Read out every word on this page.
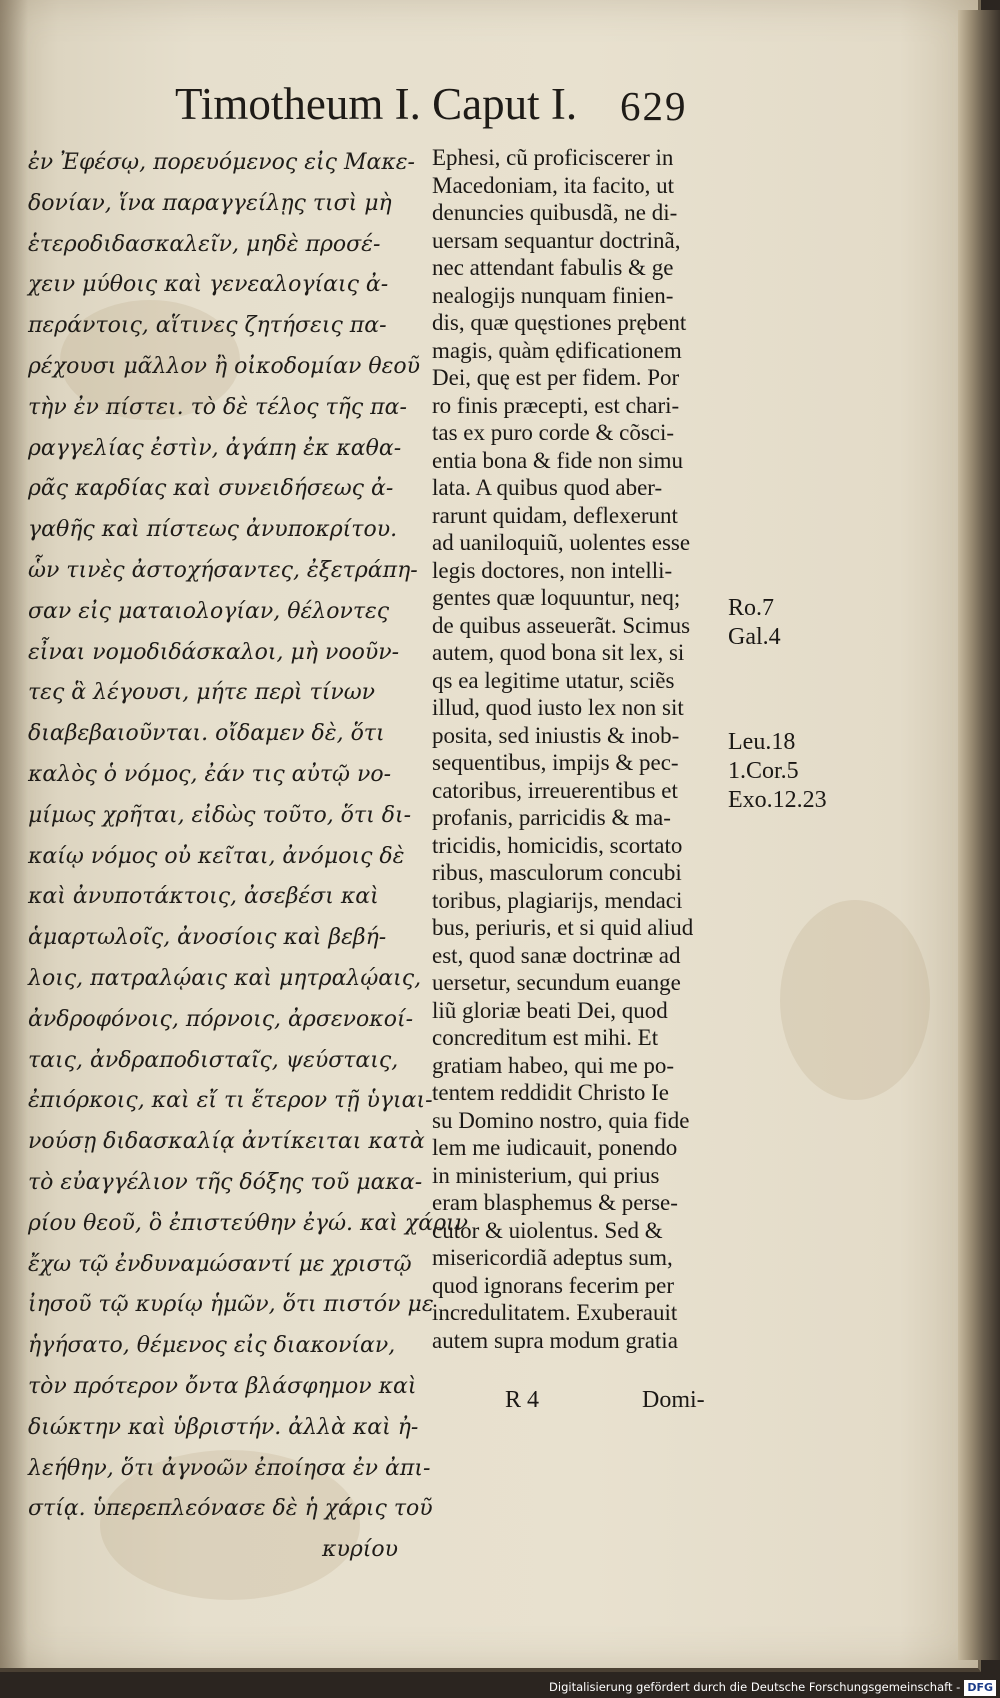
Timotheum I. Caput I. 629
ἐν Ἐφέσῳ, πορευόμενος εἰς Μακε-
δονίαν, ἵνα παραγγείλῃς τισὶ μὴ
ἑτεροδιδασκαλεῖν, μηδὲ προσέ-
χειν μύθοις καὶ γενεαλογίαις ἀ-
περάντοις, αἵτινες ζητήσεις πα-
ρέχουσι μᾶλλον ἢ οἰκοδομίαν θεοῦ
τὴν ἐν πίστει. τὸ δὲ τέλος τῆς πα-
ραγγελίας ἐστὶν, ἀγάπη ἐκ καθα-
ρᾶς καρδίας καὶ συνειδήσεως ἀ-
γαθῆς καὶ πίστεως ἀνυποκρίτου.
ὧν τινὲς ἀστοχήσαντες, ἐξετράπη-
σαν εἰς ματαιολογίαν, θέλοντες
εἶναι νομοδιδάσκαλοι, μὴ νοοῦν-
τες ἃ λέγουσι, μήτε περὶ τίνων
διαβεβαιοῦνται. οἴδαμεν δὲ, ὅτι
καλὸς ὁ νόμος, ἐάν τις αὐτῷ νο-
μίμως χρῆται, εἰδὼς τοῦτο, ὅτι δι-
καίῳ νόμος οὐ κεῖται, ἀνόμοις δὲ
καὶ ἀνυποτάκτοις, ἀσεβέσι καὶ
ἁμαρτωλοῖς, ἀνοσίοις καὶ βεβή-
λοις, πατραλῴαις καὶ μητραλῴαις,
ἀνδροφόνοις, πόρνοις, ἀρσενοκοί-
ταις, ἀνδραποδισταῖς, ψεύσταις,
ἐπιόρκοις, καὶ εἴ τι ἕτερον τῇ ὑγιαι-
νούσῃ διδασκαλίᾳ ἀντίκειται κατὰ
τὸ εὐαγγέλιον τῆς δόξης τοῦ μακα-
ρίου θεοῦ, ὃ ἐπιστεύθην ἐγώ. καὶ χάριν
ἔχω τῷ ἐνδυναμώσαντί με χριστῷ
ἰησοῦ τῷ κυρίῳ ἡμῶν, ὅτι πιστόν με
ἡγήσατο, θέμενος εἰς διακονίαν,
τὸν πρότερον ὄντα βλάσφημον καὶ
διώκτην καὶ ὑβριστήν. ἀλλὰ καὶ ἠ-
λεήθην, ὅτι ἀγνοῶν ἐποίησα ἐν ἀπι-
στίᾳ. ὑπερεπλεόνασε δὲ ἡ χάρις τοῦ
κυρίου
Ephesi, cũ proficiscerer in
Macedoniam, ita facito, ut
denuncies quibusdã, ne di-
uersam sequantur doctrinã,
nec attendant fabulis & ge
nealogijs nunquam finien-
dis, quæ quęstiones prębent
magis, quàm ędificationem
Dei, quę est per fidem. Por
ro finis præcepti, est chari-
tas ex puro corde & cõsci-
entia bona & fide non simu
lata. A quibus quod aber-
rarunt quidam, deflexerunt
ad uaniloquiũ, uolentes esse
legis doctores, non intelli-
gentes quæ loquuntur, neq;
de quibus asseuerãt. Scimus
autem, quod bona sit lex, si
qs ea legitime utatur, sciẽs
illud, quod iusto lex non sit
posita, sed iniustis & inob-
sequentibus, impijs & pec-
catoribus, irreuerentibus et
profanis, parricidis & ma-
tricidis, homicidis, scortato
ribus, masculorum concubi
toribus, plagiarijs, mendaci
bus, periuris, et si quid aliud
est, quod sanæ doctrinæ ad
uersetur, secundum euange
liũ gloriæ beati Dei, quod
concreditum est mihi. Et
gratiam habeo, qui me po-
tentem reddidit Christo Ie
su Domino nostro, quia fide
lem me iudicauit, ponendo
in ministerium, qui prius
eram blasphemus & perse-
cutor & uiolentus. Sed &
misericordiã adeptus sum,
quod ignorans fecerim per
incredulitatem. Exuberauit
autem supra modum gratia
Ro.7
Gal.4
Leu.18
1.Cor.5
Exo.12.23
R 4	Domi-
Digitalisierung gefördert durch die Deutsche Forschungsgemeinschaft - DFG
